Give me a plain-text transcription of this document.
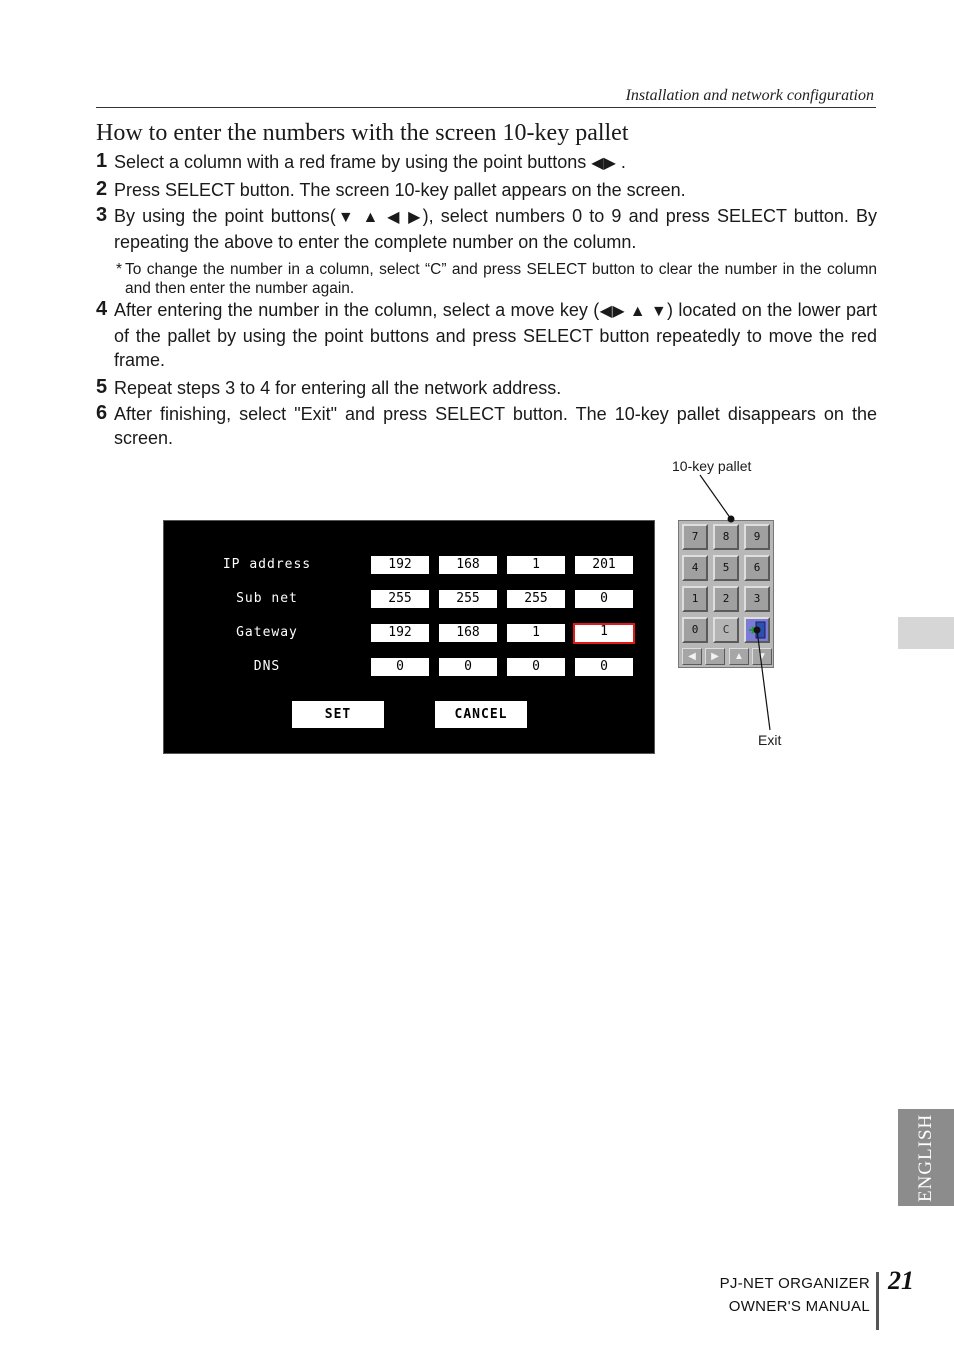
Installation and network configuration
How to enter the numbers with the screen 10-key pallet
1 Select a column with a red frame by using the point buttons ◀▶ .
2 Press SELECT button. The screen 10-key pallet appears on the screen.
3 By using the point buttons(▼ ▲ ◀ ▶), select numbers 0 to 9 and press SELECT button. By repeating the above to enter the complete number on the column.
* To change the number in a column, select “C” and press SELECT button to clear the number in the column and then enter the number again.
4 After entering the number in the column, select a move key (◀▶ ▲ ▼) located on the lower part of the pallet by using the point buttons and press SELECT button repeatedly to move the red frame.
5 Repeat steps 3 to 4 for entering all the network address.
6 After finishing, select "Exit" and press SELECT button. The 10-key pallet disappears on the screen.
IP address	192	168	1	201
Sub net	255	255	255	0
Gateway	192	168	1	1
DNS	0	0	0	0
SET	CANCEL
10-key pallet
7	8	9
4	5	6
1	2	3
0	C
◀	▶	▲	▼
Exit
ENGLISH
PJ-NET ORGANIZER
OWNER'S MANUAL
21
